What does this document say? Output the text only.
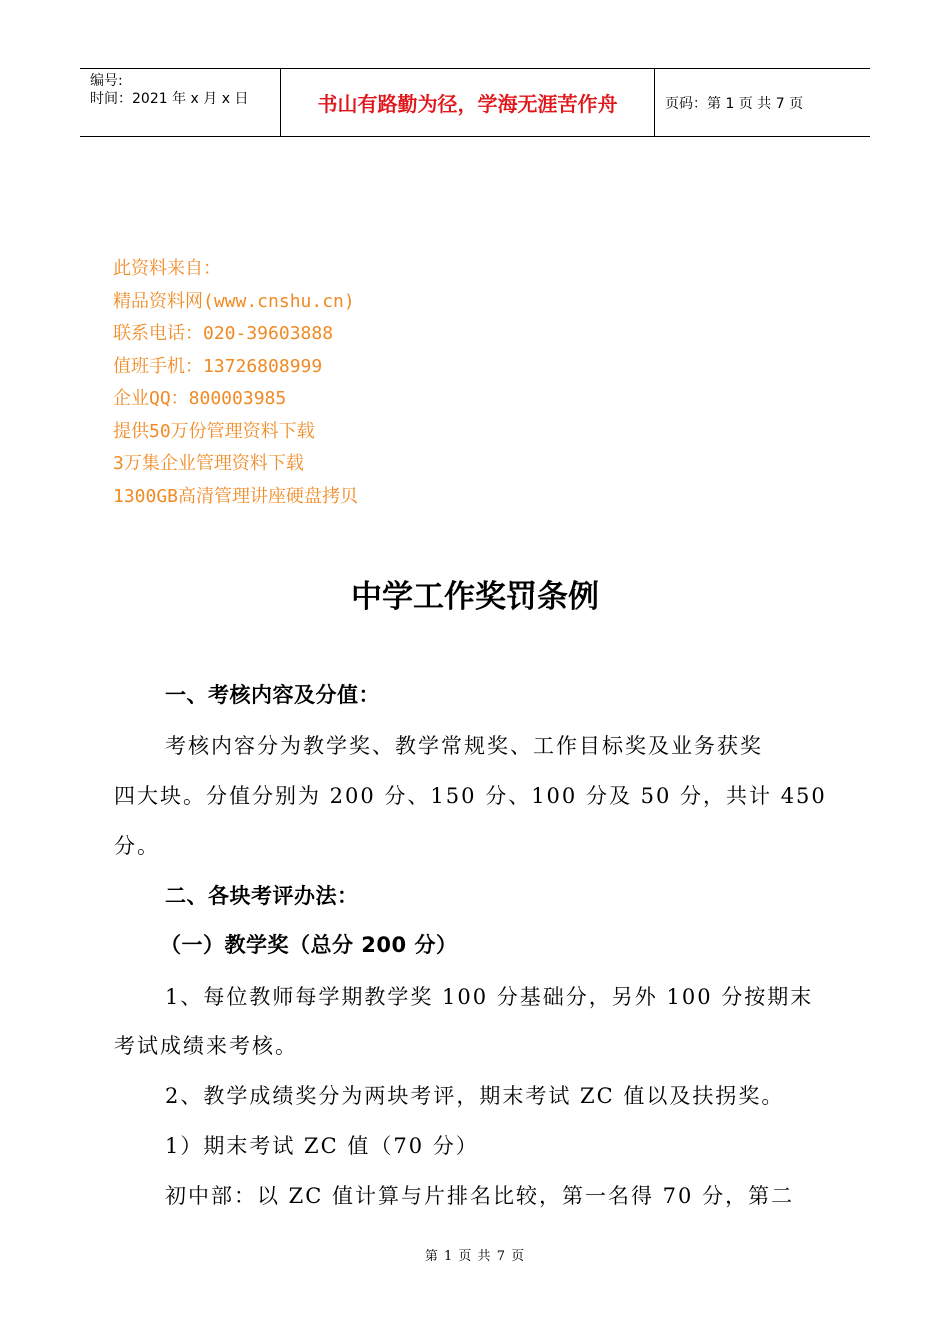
编号:
时间：2021 年 x 月 x 日	书山有路勤为径，学海无涯苦作舟	页码：第 1 页 共 7 页
此资料来自：
精品资料网(www.cnshu.cn)
联系电话：020-39603888
值班手机：13726808999
企业QQ：800003985
提供50万份管理资料下载
3万集企业管理资料下载
1300GB高清管理讲座硬盘拷贝
中学工作奖罚条例
一、考核内容及分值：
考核内容分为教学奖、教学常规奖、工作目标奖及业务获奖
四大块。分值分别为 200 分、150 分、100 分及 50 分，共计 450
分。
二、各块考评办法：
（一）教学奖（总分 200 分）
1、每位教师每学期教学奖 100 分基础分，另外 100 分按期末
考试成绩来考核。
2、教学成绩奖分为两块考评，期末考试 ZC 值以及扶拐奖。
1）期末考试 ZC 值（70 分）
初中部：以 ZC 值计算与片排名比较，第一名得 70 分，第二
第 1 页 共 7 页
